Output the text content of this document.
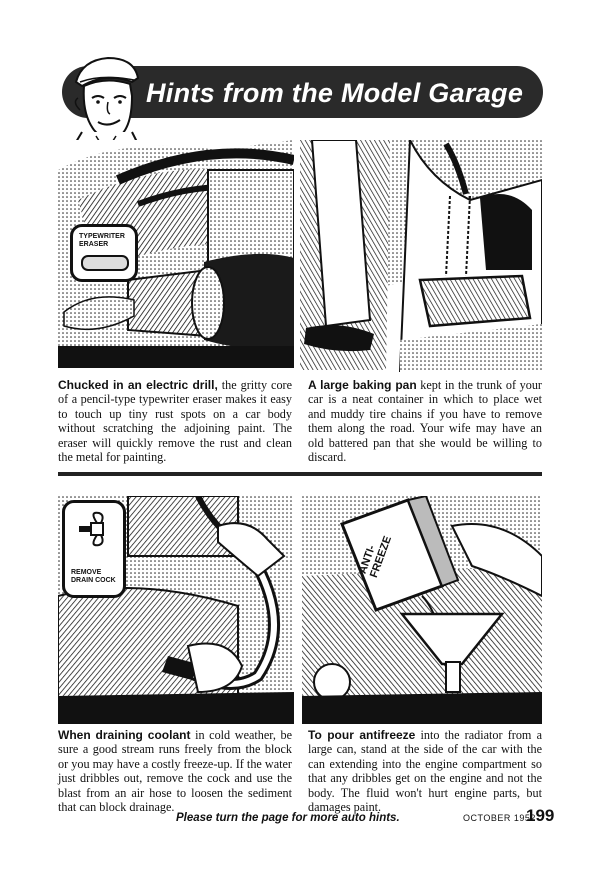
Hints from the Model Garage
TYPEWRITER
ERASER
Chucked in an electric drill, the gritty core of a pencil-type typewriter eraser makes it easy to touch up tiny rust spots on a car body without scratching the adjoining paint. The eraser will quickly remove the rust and clean the metal for painting.
A large baking pan kept in the trunk of your car is a neat container in which to place wet and muddy tire chains if you have to remove them along the road. Your wife may have an old battered pan that she would be willing to discard.
REMOVE
DRAIN COCK
ANTI-
FREEZE
When draining coolant in cold weather, be sure a good stream runs freely from the block or you may have a costly freeze-up. If the water just dribbles out, remove the cock and use the blast from an air hose to loosen the sediment that can block drainage.
To pour antifreeze into the radiator from a large can, stand at the side of the car with the can extending into the engine compartment so that any dribbles get on the engine and not the body. The fluid won't hurt engine parts, but damages paint.
Please turn the page for more auto hints.	OCTOBER 1952
199
